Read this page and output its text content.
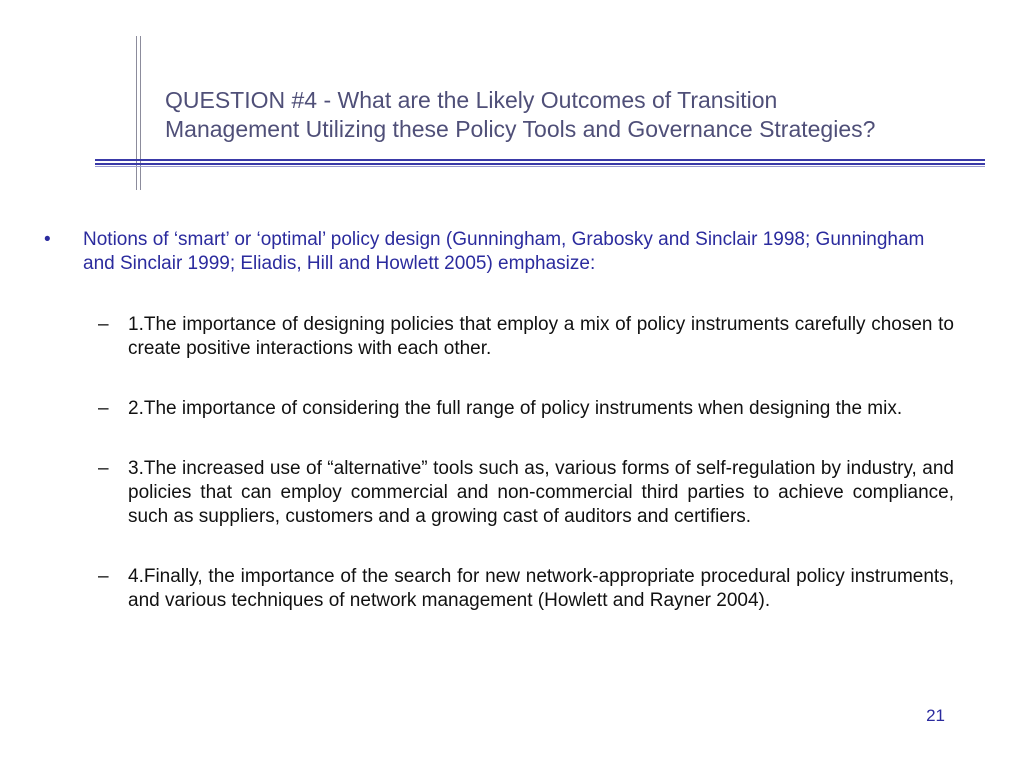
QUESTION #4 - What are the Likely Outcomes of Transition
Management Utilizing these Policy Tools and Governance Strategies?
•	Notions of ‘smart’ or ‘optimal’ policy design (Gunningham, Grabosky and Sinclair 1998; Gunningham and Sinclair 1999; Eliadis, Hill and Howlett 2005) emphasize:
–	1.The importance of designing policies that employ a mix of policy instruments carefully chosen to create positive interactions with each other.
–	2.The importance of considering the full range of policy instruments when designing the mix.
–	3.The increased use of “alternative” tools such as, various forms of self-regulation by industry, and policies that can employ commercial and non-commercial third parties to achieve compliance, such as suppliers, customers and a growing cast of auditors and certifiers.
–	4.Finally, the importance of the search for new network-appropriate procedural policy instruments, and various techniques of network management (Howlett and Rayner 2004).
21
